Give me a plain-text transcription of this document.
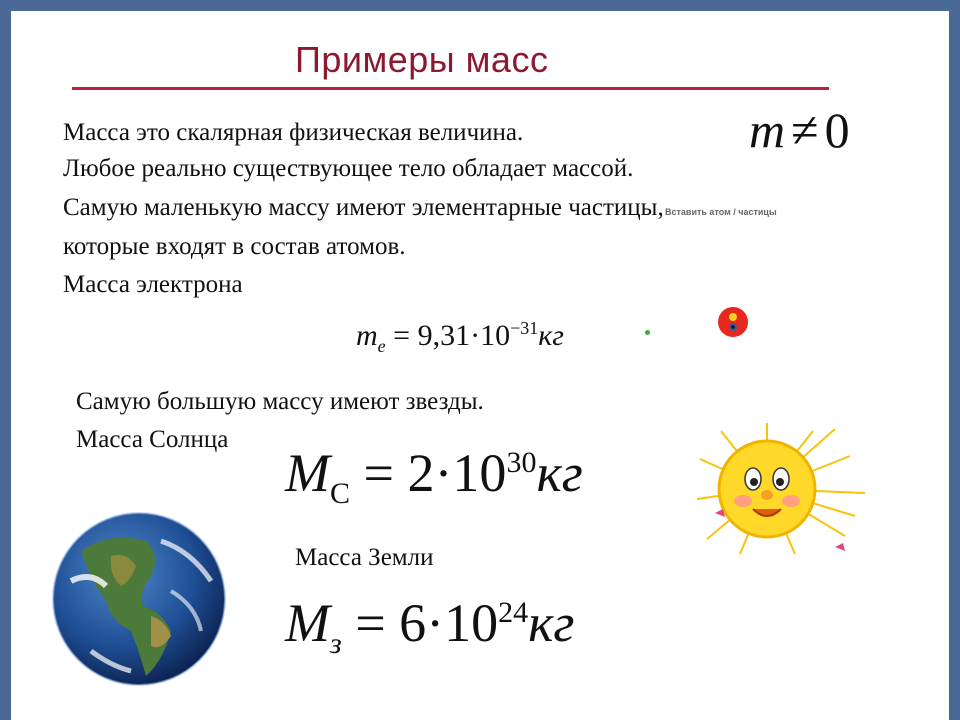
Примеры масс
Масса это скалярная физическая величина.
Любое реально существующее тело обладает массой.
Самую маленькую массу имеют элементарные частицы,
которые входят в состав атомов.
Масса электрона
m ≠ 0
Вставить атом / частицы
$m_e = 9,31\cdot 10^{-31}кг$
Самую большую массу имеют звезды.
Масса Солнца
$M_С = 2\cdot 10^{30}кг$
Масса Земли
$M_з = 6\cdot 10^{24}кг$
